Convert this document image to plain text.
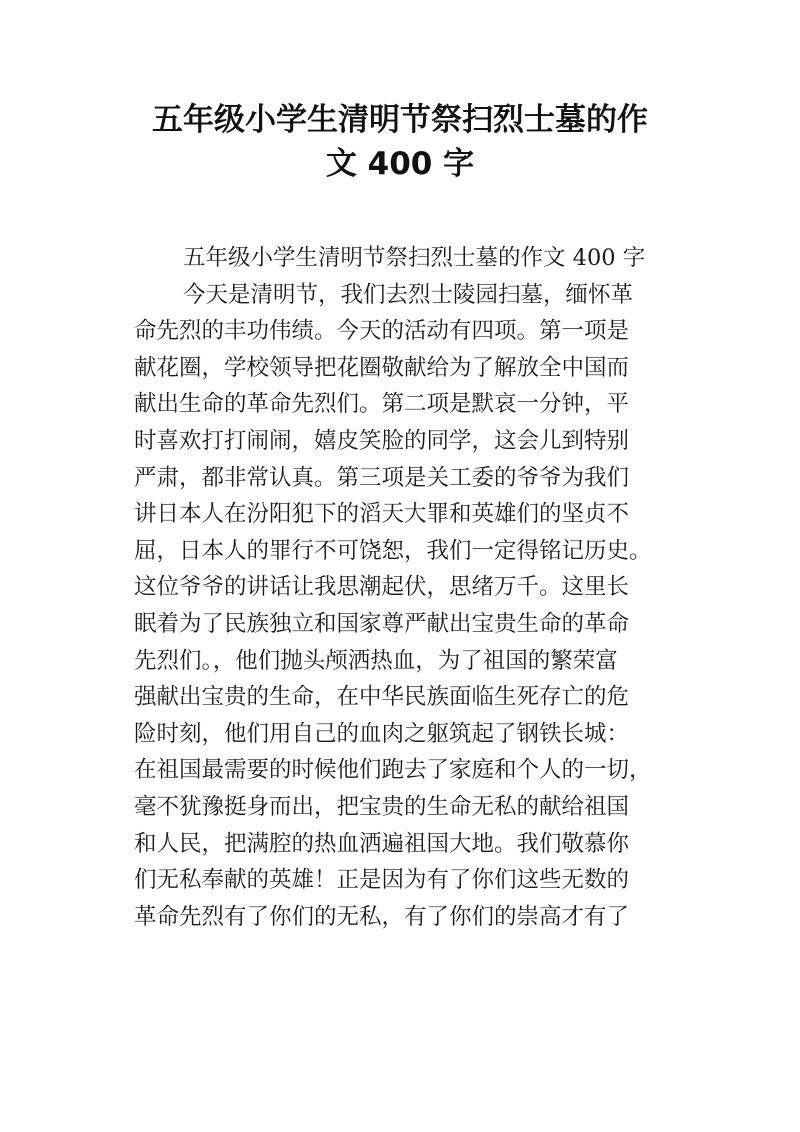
五年级小学生清明节祭扫烈士墓的作
文 400 字
五年级小学生清明节祭扫烈士墓的作文 400 字
今天是清明节，我们去烈士陵园扫墓，缅怀革
命先烈的丰功伟绩。今天的活动有四项。第一项是
献花圈，学校领导把花圈敬献给为了解放全中国而
献出生命的革命先烈们。第二项是默哀一分钟，平
时喜欢打打闹闹，嬉皮笑脸的同学，这会儿到特别
严肃，都非常认真。第三项是关工委的爷爷为我们
讲日本人在汾阳犯下的滔天大罪和英雄们的坚贞不
屈，日本人的罪行不可饶恕，我们一定得铭记历史。
这位爷爷的讲话让我思潮起伏，思绪万千。这里长
眠着为了民族独立和国家尊严献出宝贵生命的革命
先烈们。，他们抛头颅洒热血，为了祖国的繁荣富
强献出宝贵的生命，在中华民族面临生死存亡的危
险时刻，他们用自己的血肉之躯筑起了钢铁长城：
在祖国最需要的时候他们跑去了家庭和个人的一切，
毫不犹豫挺身而出，把宝贵的生命无私的献给祖国
和人民，把满腔的热血洒遍祖国大地。我们敬慕你
们无私奉献的英雄！正是因为有了你们这些无数的
革命先烈有了你们的无私，有了你们的崇高才有了
